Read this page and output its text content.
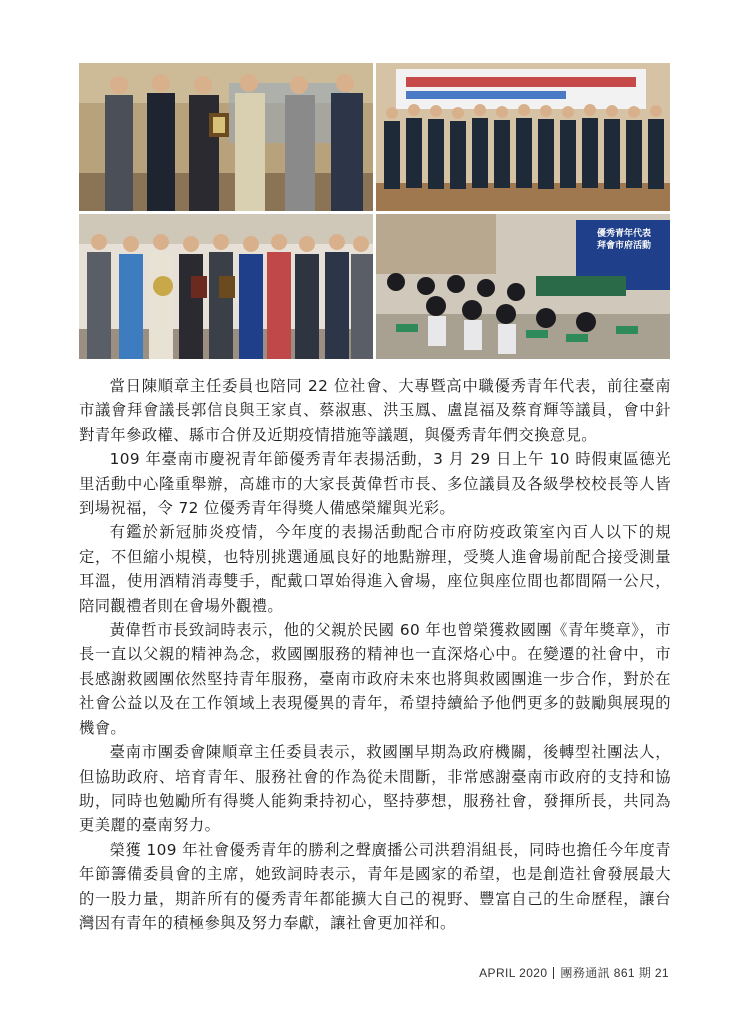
優秀青年代表
拜會市府活動

當日陳順章主任委員也陪同 22 位社會、大專暨高中職優秀青年代表，前往臺南市議會拜會議長郭信良與王家貞、蔡淑惠、洪玉鳳、盧崑福及蔡育輝等議員，會中針對青年參政權、縣市合併及近期疫情措施等議題，與優秀青年們交換意見。

109 年臺南市慶祝青年節優秀青年表揚活動，3 月 29 日上午 10 時假東區德光里活動中心隆重舉辦，高雄市的大家長黃偉哲市長、多位議員及各級學校校長等人皆到場祝福，令 72 位優秀青年得獎人備感榮耀與光彩。

有鑑於新冠肺炎疫情，今年度的表揚活動配合市府防疫政策室內百人以下的規定，不但縮小規模，也特別挑選通風良好的地點辦理，受獎人進會場前配合接受測量耳溫，使用酒精消毒雙手，配戴口罩始得進入會場，座位與座位間也都間隔一公尺，陪同觀禮者則在會場外觀禮。

黃偉哲市長致詞時表示，他的父親於民國 60 年也曾榮獲救國團《青年獎章》，市長一直以父親的精神為念，救國團服務的精神也一直深烙心中。在變遷的社會中，市長感謝救國團依然堅持青年服務，臺南市政府未來也將與救國團進一步合作，對於在社會公益以及在工作領域上表現優異的青年，希望持續給予他們更多的鼓勵與展現的機會。

臺南市團委會陳順章主任委員表示，救國團早期為政府機關，後轉型社團法人，但協助政府、培育青年、服務社會的作為從未間斷，非常感謝臺南市政府的支持和協助，同時也勉勵所有得獎人能夠秉持初心，堅持夢想，服務社會，發揮所長，共同為更美麗的臺南努力。

榮獲 109 年社會優秀青年的勝利之聲廣播公司洪碧涓組長，同時也擔任今年度青年節籌備委員會的主席，她致詞時表示，青年是國家的希望，也是創造社會發展最大的一股力量，期許所有的優秀青年都能擴大自己的視野、豐富自己的生命歷程，讓台灣因有青年的積極參與及努力奉獻，讓社會更加祥和。

APRIL 2020 團務通訊 861 期 21
